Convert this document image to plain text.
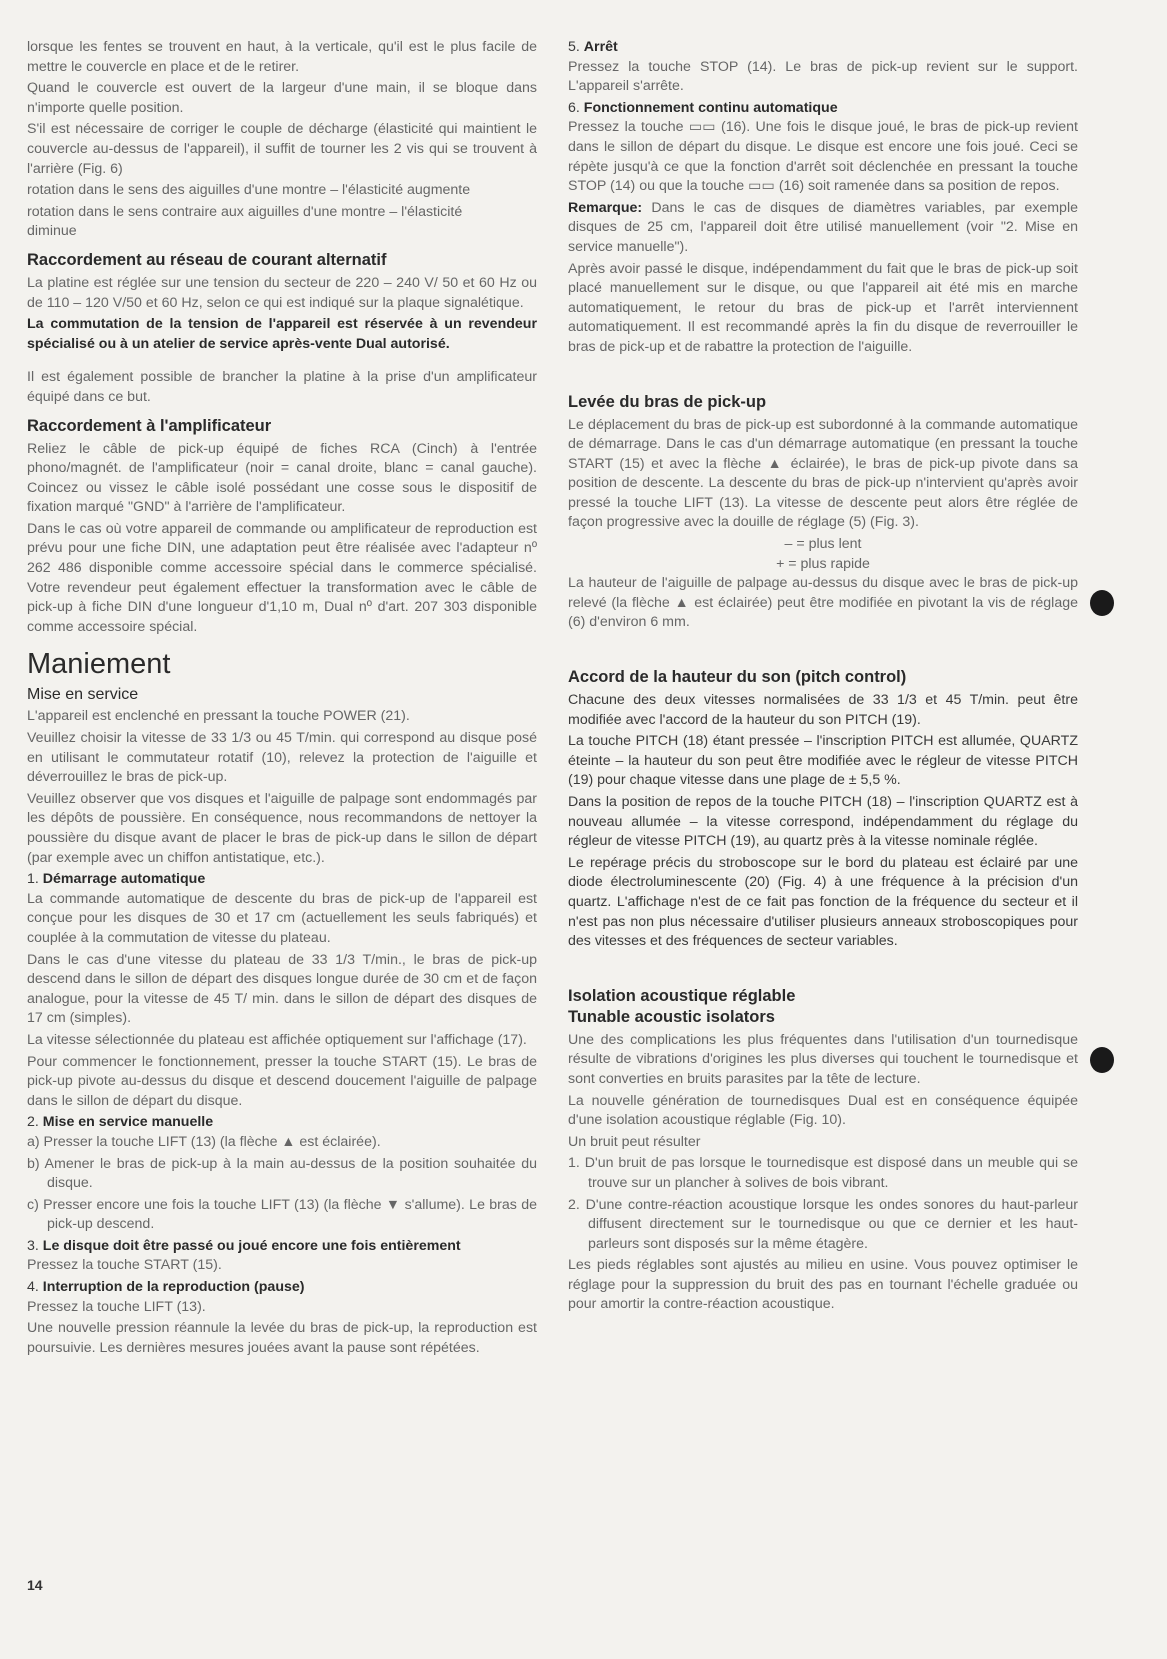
lorsque les fentes se trouvent en haut, à la verticale, qu'il est le plus facile de mettre le couvercle en place et de le retirer.

Quand le couvercle est ouvert de la largeur d'une main, il se bloque dans n'importe quelle position.

S'il est nécessaire de corriger le couple de décharge (élasticité qui maintient le couvercle au-dessus de l'appareil), il suffit de tourner les 2 vis qui se trouvent à l'arrière (Fig. 6)

rotation dans le sens des aiguilles d'une montre – l'élasticité augmente

rotation dans le sens contraire aux aiguilles d'une montre – l'élasticité diminue

Raccordement au réseau de courant alternatif

La platine est réglée sur une tension du secteur de 220 – 240 V/ 50 et 60 Hz ou de 110 – 120 V/50 et 60 Hz, selon ce qui est indiqué sur la plaque signalétique.

La commutation de la tension de l'appareil est réservée à un revendeur spécialisé ou à un atelier de service après-vente Dual autorisé.

Il est également possible de brancher la platine à la prise d'un amplificateur équipé dans ce but.

Raccordement à l'amplificateur

Reliez le câble de pick-up équipé de fiches RCA (Cinch) à l'entrée phono/magnét. de l'amplificateur (noir = canal droite, blanc = canal gauche). Coincez ou vissez le câble isolé possédant une cosse sous le dispositif de fixation marqué "GND" à l'arrière de l'amplificateur.

Dans le cas où votre appareil de commande ou amplificateur de reproduction est prévu pour une fiche DIN, une adaptation peut être réalisée avec l'adapteur nº 262 486 disponible comme accessoire spécial dans le commerce spécialisé. Votre revendeur peut également effectuer la transformation avec le câble de pick-up à fiche DIN d'une longueur d'1,10 m, Dual nº d'art. 207 303 disponible comme accessoire spécial.

Maniement
Mise en service

L'appareil est enclenché en pressant la touche POWER (21).

Veuillez choisir la vitesse de 33 1/3 ou 45 T/min. qui correspond au disque posé en utilisant le commutateur rotatif (10), relevez la protection de l'aiguille et déverrouillez le bras de pick-up.

Veuillez observer que vos disques et l'aiguille de palpage sont endommagés par les dépôts de poussière. En conséquence, nous recommandons de nettoyer la poussière du disque avant de placer le bras de pick-up dans le sillon de départ (par exemple avec un chiffon antistatique, etc.).

1. Démarrage automatique

La commande automatique de descente du bras de pick-up de l'appareil est conçue pour les disques de 30 et 17 cm (actuellement les seuls fabriqués) et couplée à la commutation de vitesse du plateau.

Dans le cas d'une vitesse du plateau de 33 1/3 T/min., le bras de pick-up descend dans le sillon de départ des disques longue durée de 30 cm et de façon analogue, pour la vitesse de 45 T/ min. dans le sillon de départ des disques de 17 cm (simples).

La vitesse sélectionnée du plateau est affichée optiquement sur l'affichage (17).

Pour commencer le fonctionnement, presser la touche START (15). Le bras de pick-up pivote au-dessus du disque et descend doucement l'aiguille de palpage dans le sillon de départ du disque.

2. Mise en service manuelle

a) Presser la touche LIFT (13) (la flèche ▲ est éclairée).

b) Amener le bras de pick-up à la main au-dessus de la position souhaitée du disque.

c) Presser encore une fois la touche LIFT (13) (la flèche ▼ s'allume). Le bras de pick-up descend.

3. Le disque doit être passé ou joué encore une fois entièrement

Pressez la touche START (15).

4. Interruption de la reproduction (pause)

Pressez la touche LIFT (13).

Une nouvelle pression réannule la levée du bras de pick-up, la reproduction est poursuivie. Les dernières mesures jouées avant la pause sont répétées.

5. Arrêt

Pressez la touche STOP (14). Le bras de pick-up revient sur le support. L'appareil s'arrête.

6. Fonctionnement continu automatique

Pressez la touche ▭▭ (16). Une fois le disque joué, le bras de pick-up revient dans le sillon de départ du disque. Le disque est encore une fois joué. Ceci se répète jusqu'à ce que la fonction d'arrêt soit déclenchée en pressant la touche STOP (14) ou que la touche ▭▭ (16) soit ramenée dans sa position de repos.

Remarque: Dans le cas de disques de diamètres variables, par exemple disques de 25 cm, l'appareil doit être utilisé manuellement (voir "2. Mise en service manuelle").

Après avoir passé le disque, indépendamment du fait que le bras de pick-up soit placé manuellement sur le disque, ou que l'appareil ait été mis en marche automatiquement, le retour du bras de pick-up et l'arrêt interviennent automatiquement. Il est recommandé après la fin du disque de reverrouiller le bras de pick-up et de rabattre la protection de l'aiguille.

Levée du bras de pick-up

Le déplacement du bras de pick-up est subordonné à la commande automatique de démarrage. Dans le cas d'un démarrage automatique (en pressant la touche START (15) et avec la flèche ▲ éclairée), le bras de pick-up pivote dans sa position de descente. La descente du bras de pick-up n'intervient qu'après avoir pressé la touche LIFT (13). La vitesse de descente peut alors être réglée de façon progressive avec la douille de réglage (5) (Fig. 3).

– = plus lent

+ = plus rapide

La hauteur de l'aiguille de palpage au-dessus du disque avec le bras de pick-up relevé (la flèche ▲ est éclairée) peut être modifiée en pivotant la vis de réglage (6) d'environ 6 mm.

Accord de la hauteur du son (pitch control)

Chacune des deux vitesses normalisées de 33 1/3 et 45 T/min. peut être modifiée avec l'accord de la hauteur du son PITCH (19).

La touche PITCH (18) étant pressée – l'inscription PITCH est allumée, QUARTZ éteinte – la hauteur du son peut être modifiée avec le régleur de vitesse PITCH (19) pour chaque vitesse dans une plage de ± 5,5 %.

Dans la position de repos de la touche PITCH (18) – l'inscription QUARTZ est à nouveau allumée – la vitesse correspond, indépendamment du réglage du régleur de vitesse PITCH (19), au quartz près à la vitesse nominale réglée.

Le repérage précis du stroboscope sur le bord du plateau est éclairé par une diode électroluminescente (20) (Fig. 4) à une fréquence à la précision d'un quartz. L'affichage n'est de ce fait pas fonction de la fréquence du secteur et il n'est pas non plus nécessaire d'utiliser plusieurs anneaux stroboscopiques pour des vitesses et des fréquences de secteur variables.

Isolation acoustique réglable
Tunable acoustic isolators

Une des complications les plus fréquentes dans l'utilisation d'un tournedisque résulte de vibrations d'origines les plus diverses qui touchent le tournedisque et sont converties en bruits parasites par la tête de lecture.

La nouvelle génération de tournedisques Dual est en conséquence équipée d'une isolation acoustique réglable (Fig. 10).

Un bruit peut résulter

1. D'un bruit de pas lorsque le tournedisque est disposé dans un meuble qui se trouve sur un plancher à solives de bois vibrant.

2. D'une contre-réaction acoustique lorsque les ondes sonores du haut-parleur diffusent directement sur le tournedisque ou que ce dernier et les haut-parleurs sont disposés sur la même étagère.

Les pieds réglables sont ajustés au milieu en usine. Vous pouvez optimiser le réglage pour la suppression du bruit des pas en tournant l'échelle graduée ou pour amortir la contre-réaction acoustique.

14
